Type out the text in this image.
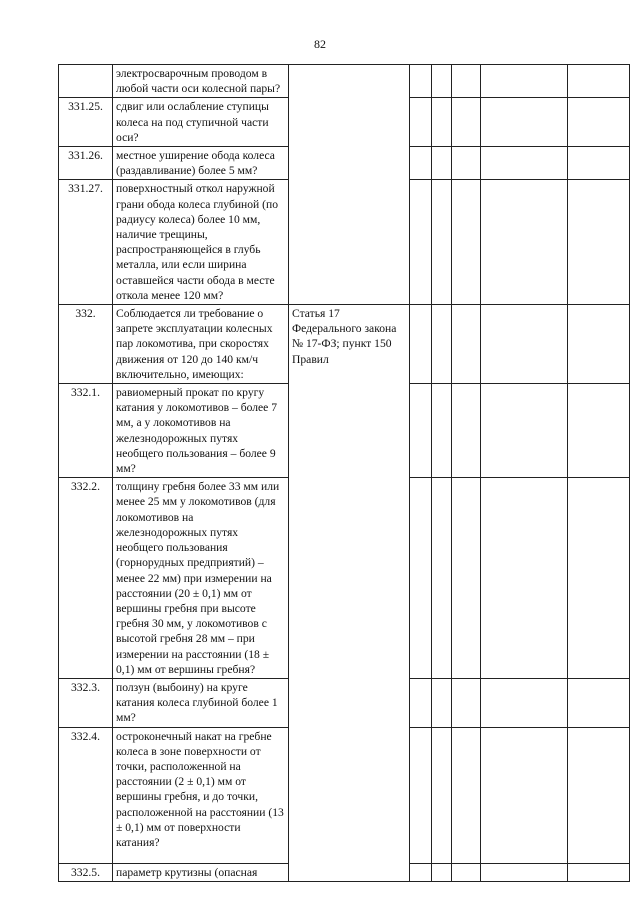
82
	электросварочным проводом в любой части оси колесной пары?						
331.25.	сдвиг или ослабление ступицы колеса на под ступичной части оси?						
331.26.	местное уширение обода колеса (раздавливание) более 5 мм?						
331.27.	поверхностный откол наружной грани обода колеса глубиной (по радиусу колеса) более 10 мм, наличие трещины, распространяющейся в глубь металла, или если ширина оставшейся части обода в месте откола менее 120 мм?						
332.	Соблюдается ли требование о запрете эксплуатации колесных пар локомотива, при скоростях движения от 120 до 140 км/ч включительно, имеющих:	Статья 17 Федерального закона № 17-ФЗ; пункт 150 Правил					
332.1.	равиомерный прокат по кругу катания у локомотивов – более 7 мм, а у локомотивов на железнодорожных путях необщего пользования – более 9 мм?						
332.2.	толщину гребня более 33 мм или менее 25 мм у локомотивов (для локомотивов на железнодорожных путях необщего пользования (горнорудных предприятий) – менее 22 мм) при измерении на расстоянии (20 ± 0,1) мм от вершины гребня при высоте гребня 30 мм, у локомотивов с высотой гребня 28 мм – при измерении на расстоянии (18 ± 0,1) мм от вершины гребня?						
332.3.	ползун (выбоину) на круге катания колеса глубиной более 1 мм?						
332.4.	остроконечный накат на гребне колеса в зоне поверхности от точки, расположенной на расстоянии (2 ± 0,1) мм от вершины гребня, и до точки, расположенной на расстоянии (13 ± 0,1) мм от поверхности катания?						
332.5.	параметр крутизны (опасная						
